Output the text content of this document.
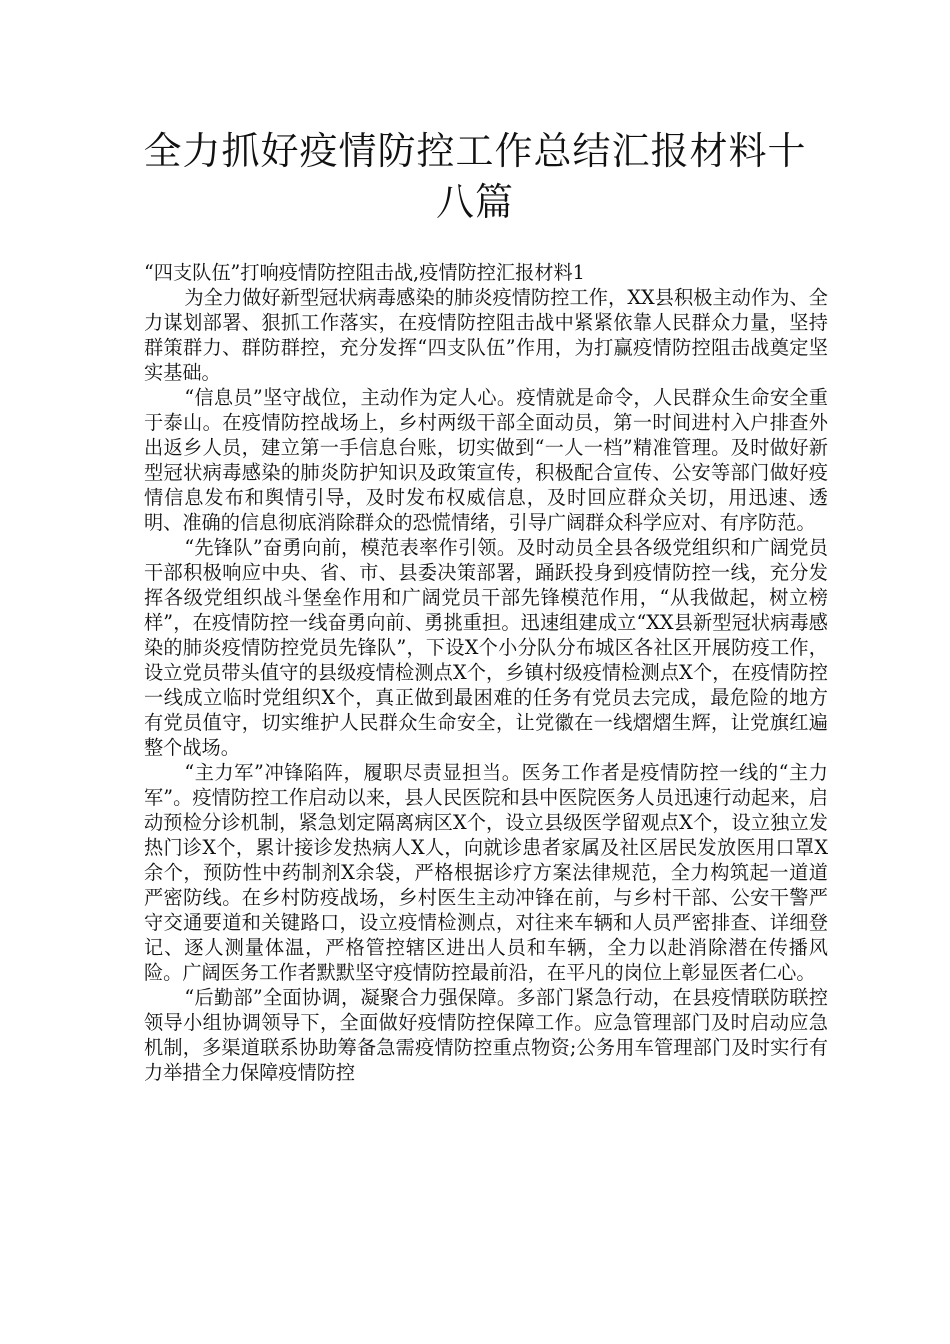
全力抓好疫情防控工作总结汇报材料十八篇

“四支队伍”打响疫情防控阻击战,疫情防控汇报材料1

为全力做好新型冠状病毒感染的肺炎疫情防控工作，XX县积极主动作为、全力谋划部署、狠抓工作落实，在疫情防控阻击战中紧紧依靠人民群众力量，坚持群策群力、群防群控，充分发挥“四支队伍”作用，为打赢疫情防控阻击战奠定坚实基础。

“信息员”坚守战位，主动作为定人心。疫情就是命令，人民群众生命安全重于泰山。在疫情防控战场上，乡村两级干部全面动员，第一时间进村入户排查外出返乡人员，建立第一手信息台账，切实做到“一人一档”精准管理。及时做好新型冠状病毒感染的肺炎防护知识及政策宣传，积极配合宣传、公安等部门做好疫情信息发布和舆情引导，及时发布权威信息，及时回应群众关切，用迅速、透明、准确的信息彻底消除群众的恐慌情绪，引导广阔群众科学应对、有序防范。

“先锋队”奋勇向前，模范表率作引领。及时动员全县各级党组织和广阔党员干部积极响应中央、省、市、县委决策部署，踊跃投身到疫情防控一线，充分发挥各级党组织战斗堡垒作用和广阔党员干部先锋模范作用，“从我做起，树立榜样”，在疫情防控一线奋勇向前、勇挑重担。迅速组建成立“XX县新型冠状病毒感染的肺炎疫情防控党员先锋队”，下设X个小分队分布城区各社区开展防疫工作，设立党员带头值守的县级疫情检测点X个，乡镇村级疫情检测点X个，在疫情防控一线成立临时党组织X个，真正做到最困难的任务有党员去完成，最危险的地方有党员值守，切实维护人民群众生命安全，让党徽在一线熠熠生辉，让党旗红遍整个战场。

“主力军”冲锋陷阵，履职尽责显担当。医务工作者是疫情防控一线的“主力军”。疫情防控工作启动以来，县人民医院和县中医院医务人员迅速行动起来，启动预检分诊机制，紧急划定隔离病区X个，设立县级医学留观点X个，设立独立发热门诊X个，累计接诊发热病人X人，向就诊患者家属及社区居民发放医用口罩X余个，预防性中药制剂X余袋，严格根据诊疗方案法律规范，全力构筑起一道道严密防线。在乡村防疫战场，乡村医生主动冲锋在前，与乡村干部、公安干警严守交通要道和关键路口，设立疫情检测点，对往来车辆和人员严密排查、详细登记、逐人测量体温，严格管控辖区进出人员和车辆，全力以赴消除潜在传播风险。广阔医务工作者默默坚守疫情防控最前沿，在平凡的岗位上彰显医者仁心。

“后勤部”全面协调，凝聚合力强保障。多部门紧急行动，在县疫情联防联控领导小组协调领导下，全面做好疫情防控保障工作。应急管理部门及时启动应急机制，多渠道联系协助筹备急需疫情防控重点物资;公务用车管理部门及时实行有力举措全力保障疫情防控
